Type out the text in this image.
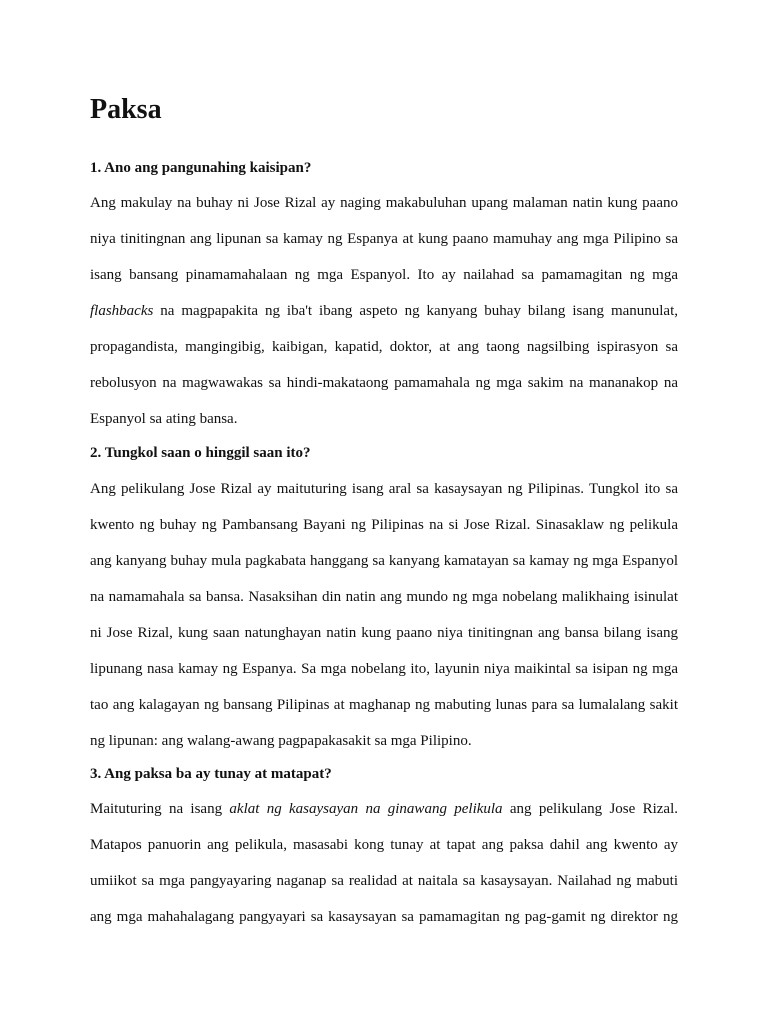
Paksa

1. Ano ang pangunahing kaisipan?

Ang makulay na buhay ni Jose Rizal ay naging makabuluhan upang malaman natin kung paano
niya tinitingnan ang lipunan sa kamay ng Espanya at kung paano mamuhay ang mga Pilipino sa
isang bansang pinamamahalaan ng mga Espanyol. Ito ay nailahad sa pamamagitan ng mga
flashbacks na magpapakita ng iba't ibang aspeto ng kanyang buhay bilang isang manunulat,
propagandista, mangingibig, kaibigan, kapatid, doktor, at ang taong nagsilbing ispirasyon sa
rebolusyon na magwawakas sa hindi-makataong pamamahala ng mga sakim na mananakop na
Espanyol sa ating bansa.

2. Tungkol saan o hinggil saan ito?

Ang pelikulang Jose Rizal ay maituturing isang aral sa kasaysayan ng Pilipinas. Tungkol ito sa
kwento ng buhay ng Pambansang Bayani ng Pilipinas na si Jose Rizal. Sinasaklaw ng pelikula
ang kanyang buhay mula pagkabata hanggang sa kanyang kamatayan sa kamay ng mga Espanyol
na namamahala sa bansa. Nasaksihan din natin ang mundo ng mga nobelang malikhaing isinulat
ni Jose Rizal, kung saan natunghayan natin kung paano niya tinitingnan ang bansa bilang isang
lipunang nasa kamay ng Espanya. Sa mga nobelang ito, layunin niya maikintal sa isipan ng mga
tao ang kalagayan ng bansang Pilipinas at maghanap ng mabuting lunas para sa lumalalang sakit
ng lipunan: ang walang-awang pagpapakasakit sa mga Pilipino.

3. Ang paksa ba ay tunay at matapat?

Maituturing na isang aklat ng kasaysayan na ginawang pelikula ang pelikulang Jose Rizal.
Matapos panuorin ang pelikula, masasabi kong tunay at tapat ang paksa dahil ang kwento ay
umiikot sa mga pangyayaring naganap sa realidad at naitala sa kasaysayan. Nailahad ng mabuti
ang mga mahahalagang pangyayari sa kasaysayan sa pamamagitan ng pag-gamit ng direktor ng
